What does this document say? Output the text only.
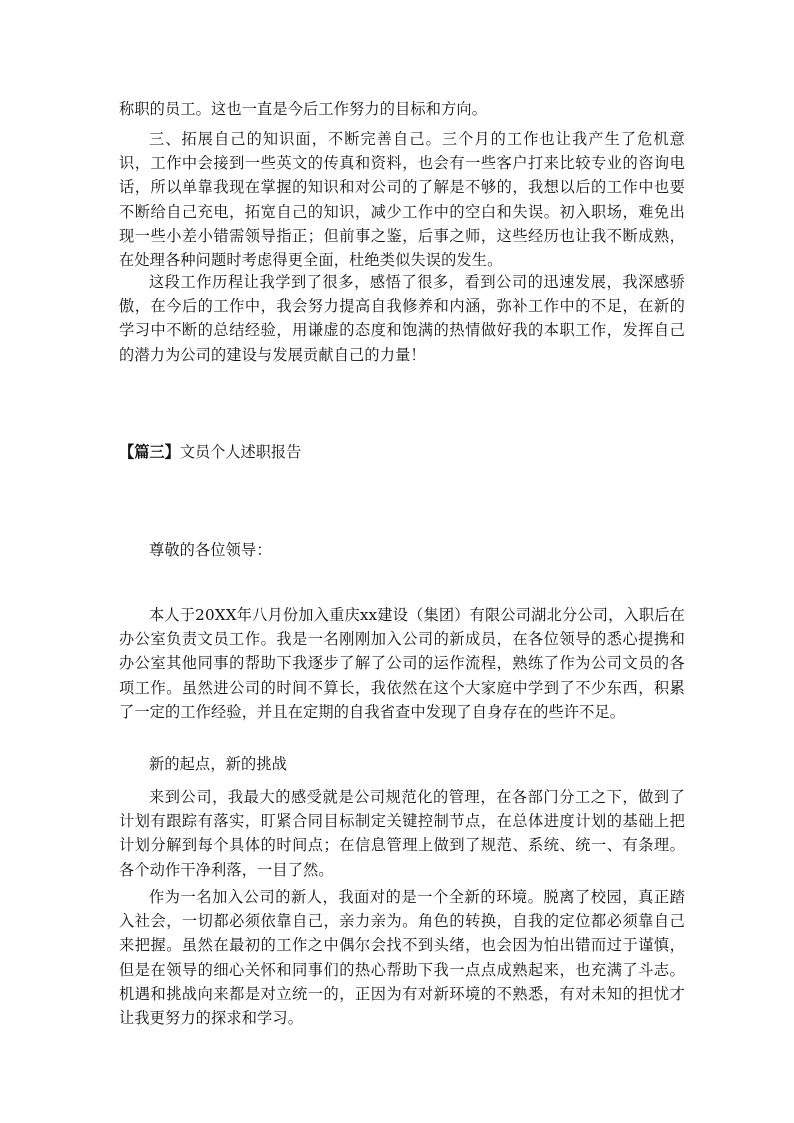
称职的员工。这也一直是今后工作努力的目标和方向。

三、拓展自己的知识面，不断完善自己。三个月的工作也让我产生了危机意识，工作中会接到一些英文的传真和资料，也会有一些客户打来比较专业的咨询电话，所以单靠我现在掌握的知识和对公司的了解是不够的，我想以后的工作中也要不断给自己充电，拓宽自己的知识，减少工作中的空白和失误。初入职场，难免出现一些小差小错需领导指正；但前事之鉴，后事之师，这些经历也让我不断成熟，在处理各种问题时考虑得更全面，杜绝类似失误的发生。

这段工作历程让我学到了很多，感悟了很多，看到公司的迅速发展，我深感骄傲，在今后的工作中，我会努力提高自我修养和内涵，弥补工作中的不足，在新的学习中不断的总结经验，用谦虚的态度和饱满的热情做好我的本职工作，发挥自己的潜力为公司的建设与发展贡献自己的力量！

【篇三】文员个人述职报告

尊敬的各位领导：

本人于20XX年八月份加入重庆xx建设（集团）有限公司湖北分公司，入职后在办公室负责文员工作。我是一名刚刚加入公司的新成员，在各位领导的悉心提携和办公室其他同事的帮助下我逐步了解了公司的运作流程，熟练了作为公司文员的各项工作。虽然进公司的时间不算长，我依然在这个大家庭中学到了不少东西，积累了一定的工作经验，并且在定期的自我省查中发现了自身存在的些许不足。

新的起点，新的挑战

来到公司，我最大的感受就是公司规范化的管理，在各部门分工之下，做到了计划有跟踪有落实，盯紧合同目标制定关键控制节点，在总体进度计划的基础上把计划分解到每个具体的时间点；在信息管理上做到了规范、系统、统一、有条理。各个动作干净利落，一目了然。

作为一名加入公司的新人，我面对的是一个全新的环境。脱离了校园，真正踏入社会，一切都必须依靠自己，亲力亲为。角色的转换，自我的定位都必须靠自己来把握。虽然在最初的工作之中偶尔会找不到头绪，也会因为怕出错而过于谨慎，但是在领导的细心关怀和同事们的热心帮助下我一点点成熟起来，也充满了斗志。机遇和挑战向来都是对立统一的，正因为有对新环境的不熟悉，有对未知的担忧才让我更努力的探求和学习。
